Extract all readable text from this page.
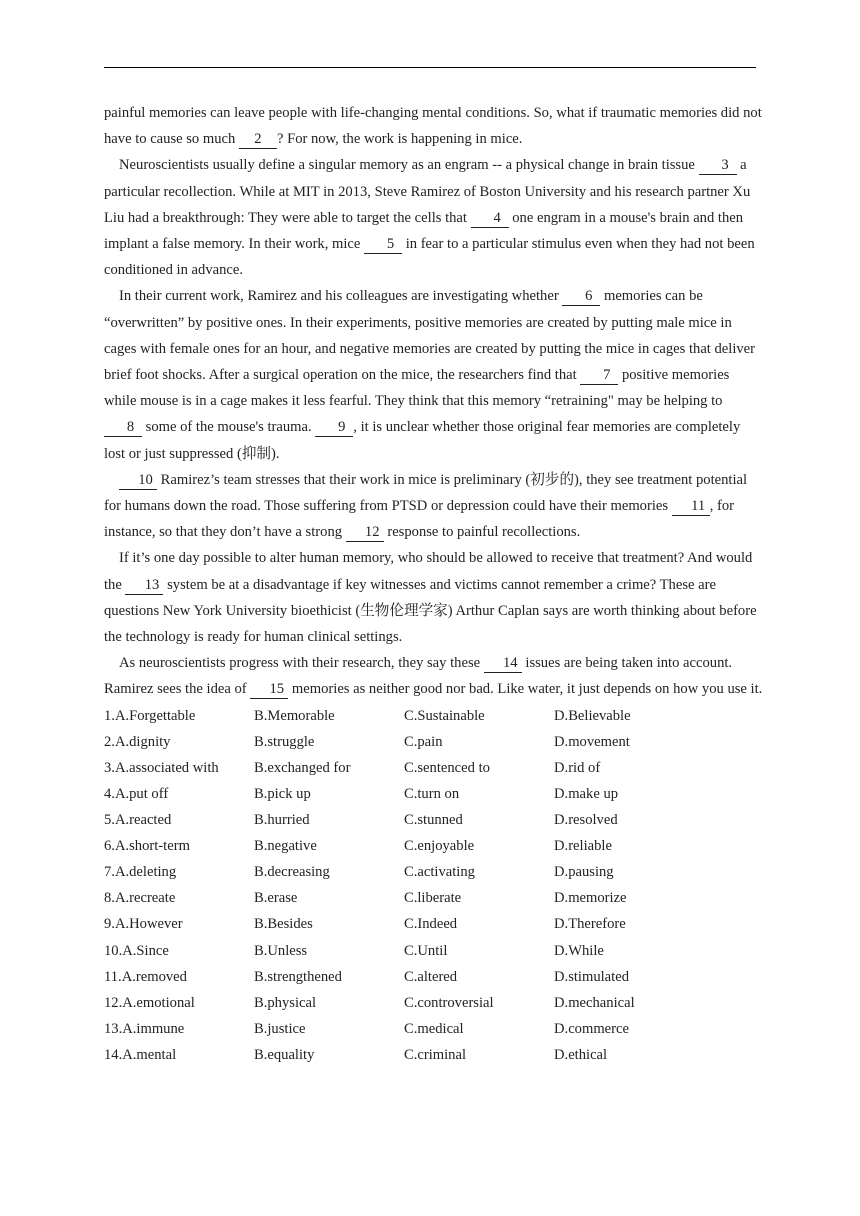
painful memories can leave people with life-changing mental conditions. So, what if traumatic memories did not have to cause so much 2 ? For now, the work is happening in mice.

Neuroscientists usually define a singular memory as an engram -- a physical change in brain tissue 3 a particular recollection. While at MIT in 2013, Steve Ramirez of Boston University and his research partner Xu Liu had a breakthrough: They were able to target the cells that 4 one engram in a mouse's brain and then implant a false memory. In their work, mice 5 in fear to a particular stimulus even when they had not been conditioned in advance.

In their current work, Ramirez and his colleagues are investigating whether 6 memories can be “overwritten” by positive ones. In their experiments, positive memories are created by putting male mice in cages with female ones for an hour, and negative memories are created by putting the mice in cages that deliver brief foot shocks. After a surgical operation on the mice, the researchers find that 7 positive memories while mouse is in a cage makes it less fearful. They think that this memory “retraining" may be helping to 8 some of the mouse's trauma. 9 , it is unclear whether those original fear memories are completely lost or just suppressed (抑制).

10 Ramirez’s team stresses that their work in mice is preliminary (初步的), they see treatment potential for humans down the road. Those suffering from PTSD or depression could have their memories 11 , for instance, so that they don’t have a strong 12 response to painful recollections.

If it’s one day possible to alter human memory, who should be allowed to receive that treatment? And would the 13 system be at a disadvantage if key witnesses and victims cannot remember a crime? These are questions New York University bioethicist (生物伦理学家) Arthur Caplan says are worth thinking about before the technology is ready for human clinical settings.

As neuroscientists progress with their research, they say these 14 issues are being taken into account. Ramirez sees the idea of 15 memories as neither good nor bad. Like water, it just depends on how you use it.

1.A.Forgettable	B.Memorable	C.Sustainable	D.Believable
2.A.dignity	B.struggle	C.pain	D.movement
3.A.associated with	B.exchanged for	C.sentenced to	D.rid of
4.A.put off	B.pick up	C.turn on	D.make up
5.A.reacted	B.hurried	C.stunned	D.resolved
6.A.short-term	B.negative	C.enjoyable	D.reliable
7.A.deleting	B.decreasing	C.activating	D.pausing
8.A.recreate	B.erase	C.liberate	D.memorize
9.A.However	B.Besides	C.Indeed	D.Therefore
10.A.Since	B.Unless	C.Until	D.While
11.A.removed	B.strengthened	C.altered	D.stimulated
12.A.emotional	B.physical	C.controversial	D.mechanical
13.A.immune	B.justice	C.medical	D.commerce
14.A.mental	B.equality	C.criminal	D.ethical
